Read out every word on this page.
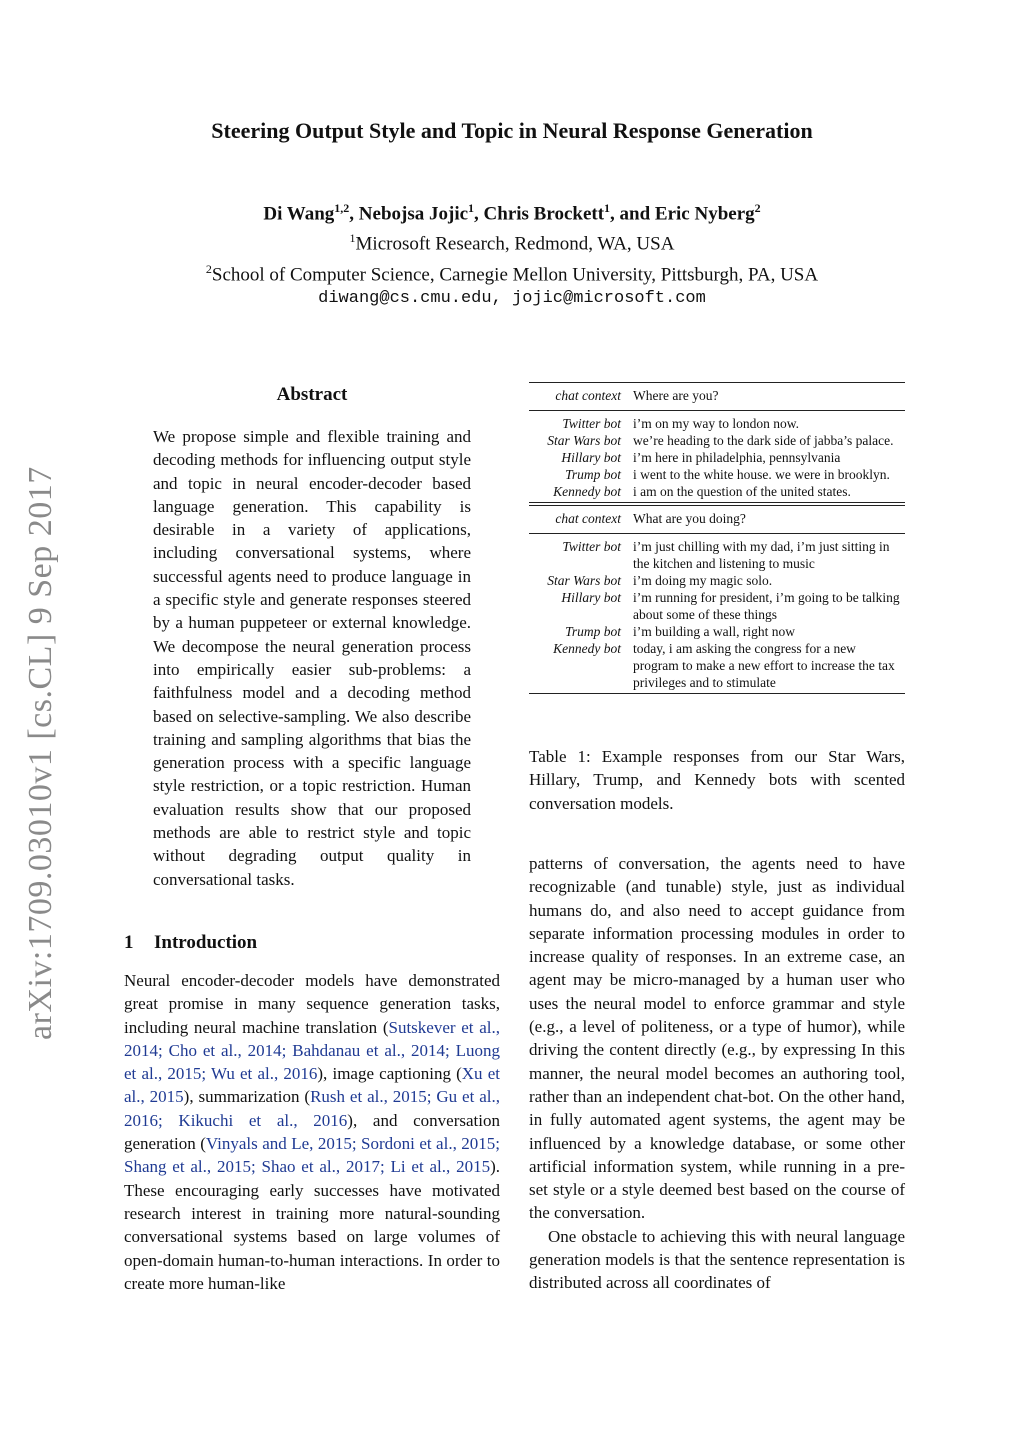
arXiv:1709.03010v1 [cs.CL] 9 Sep 2017
Steering Output Style and Topic in Neural Response Generation
Di Wang$^{1,2}$, Nebojsa Jojic$^1$, Chris Brockett$^1$, and Eric Nyberg$^2$
$^1$Microsoft Research, Redmond, WA, USA
$^2$School of Computer Science, Carnegie Mellon University, Pittsburgh, PA, USA
diwang@cs.cmu.edu, jojic@microsoft.com
Abstract
We propose simple and flexible training and decoding methods for influencing output style and topic in neural encoder-decoder based language generation. This capability is desirable in a variety of applications, including conversational systems, where successful agents need to produce language in a specific style and generate responses steered by a human puppeteer or external knowledge. We decompose the neural generation process into empirically easier sub-problems: a faithfulness model and a decoding method based on selective-sampling. We also describe training and sampling algorithms that bias the generation process with a specific language style restriction, or a topic restriction. Human evaluation results show that our proposed methods are able to restrict style and topic without degrading output quality in conversational tasks.
1 Introduction
Neural encoder-decoder models have demonstrated great promise in many sequence generation tasks, including neural machine translation (Sutskever et al., 2014; Cho et al., 2014; Bahdanau et al., 2014; Luong et al., 2015; Wu et al., 2016), image captioning (Xu et al., 2015), summarization (Rush et al., 2015; Gu et al., 2016; Kikuchi et al., 2016), and conversation generation (Vinyals and Le, 2015; Sordoni et al., 2015; Shang et al., 2015; Shao et al., 2017; Li et al., 2015). These encouraging early successes have motivated research interest in training more natural-sounding conversational systems based on large volumes of open-domain human-to-human interactions. In order to create more human-like
chat context Where are you?
Twitter bot i’m on my way to london now.
Star Wars bot we’re heading to the dark side of jabba’s palace.
Hillary bot i’m here in philadelphia, pennsylvania
Trump bot i went to the white house. we were in brooklyn.
Kennedy bot i am on the question of the united states.
chat context What are you doing?
Twitter bot i’m just chilling with my dad, i’m just sitting in the kitchen and listening to music
Star Wars bot i’m doing my magic solo.
Hillary bot i’m running for president, i’m going to be talking about some of these things
Trump bot i’m building a wall, right now
Kennedy bot today, i am asking the congress for a new program to make a new effort to increase the tax privileges and to stimulate
Table 1: Example responses from our Star Wars, Hillary, Trump, and Kennedy bots with scented conversation models.

patterns of conversation, the agents need to have recognizable (and tunable) style, just as individual humans do, and also need to accept guidance from separate information processing modules in order to increase quality of responses. In an extreme case, an agent may be micro-managed by a human user who uses the neural model to enforce grammar and style (e.g., a level of politeness, or a type of humor), while driving the content directly (e.g., by expressing In this manner, the neural model becomes an authoring tool, rather than an independent chat-bot. On the other hand, in fully automated agent systems, the agent may be influenced by a knowledge database, or some other artificial information system, while running in a pre-set style or a style deemed best based on the course of the conversation.

One obstacle to achieving this with neural language generation models is that the sentence representation is distributed across all coordinates of
